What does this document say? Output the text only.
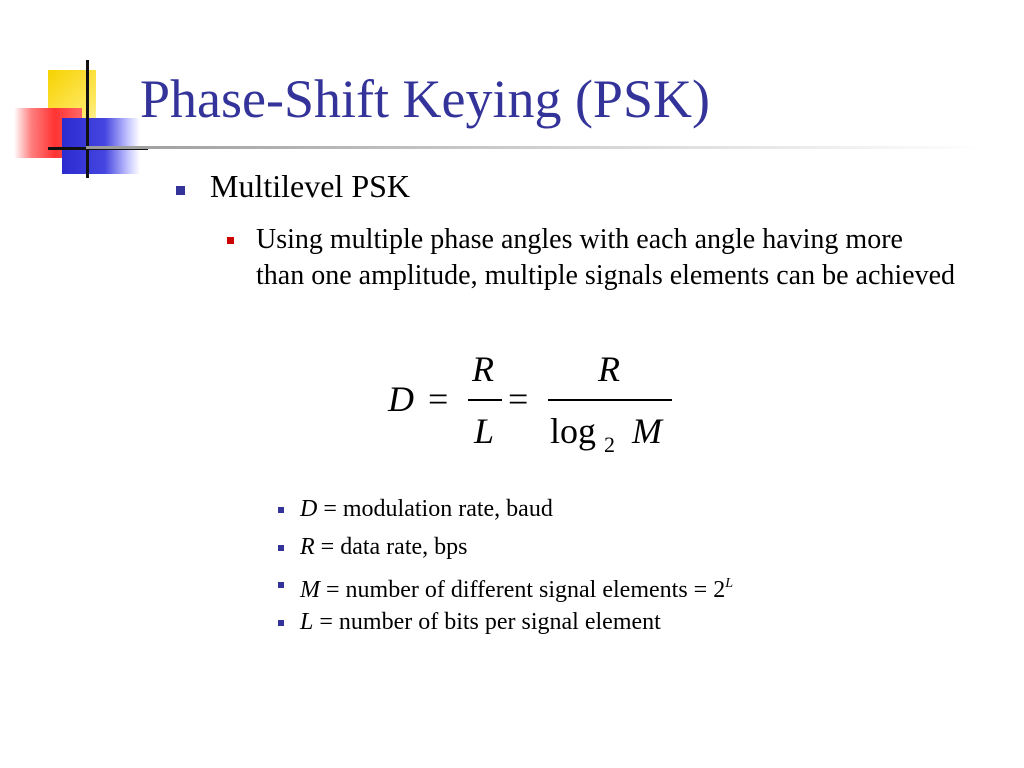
Phase-Shift Keying (PSK)
Multilevel PSK
Using multiple phase angles with each angle having more than one amplitude, multiple signals elements can be achieved
D =
R
L
=
R
log 2 M
D = modulation rate, baud
R = data rate, bps
M = number of different signal elements = $2^L$
L = number of bits per signal element
